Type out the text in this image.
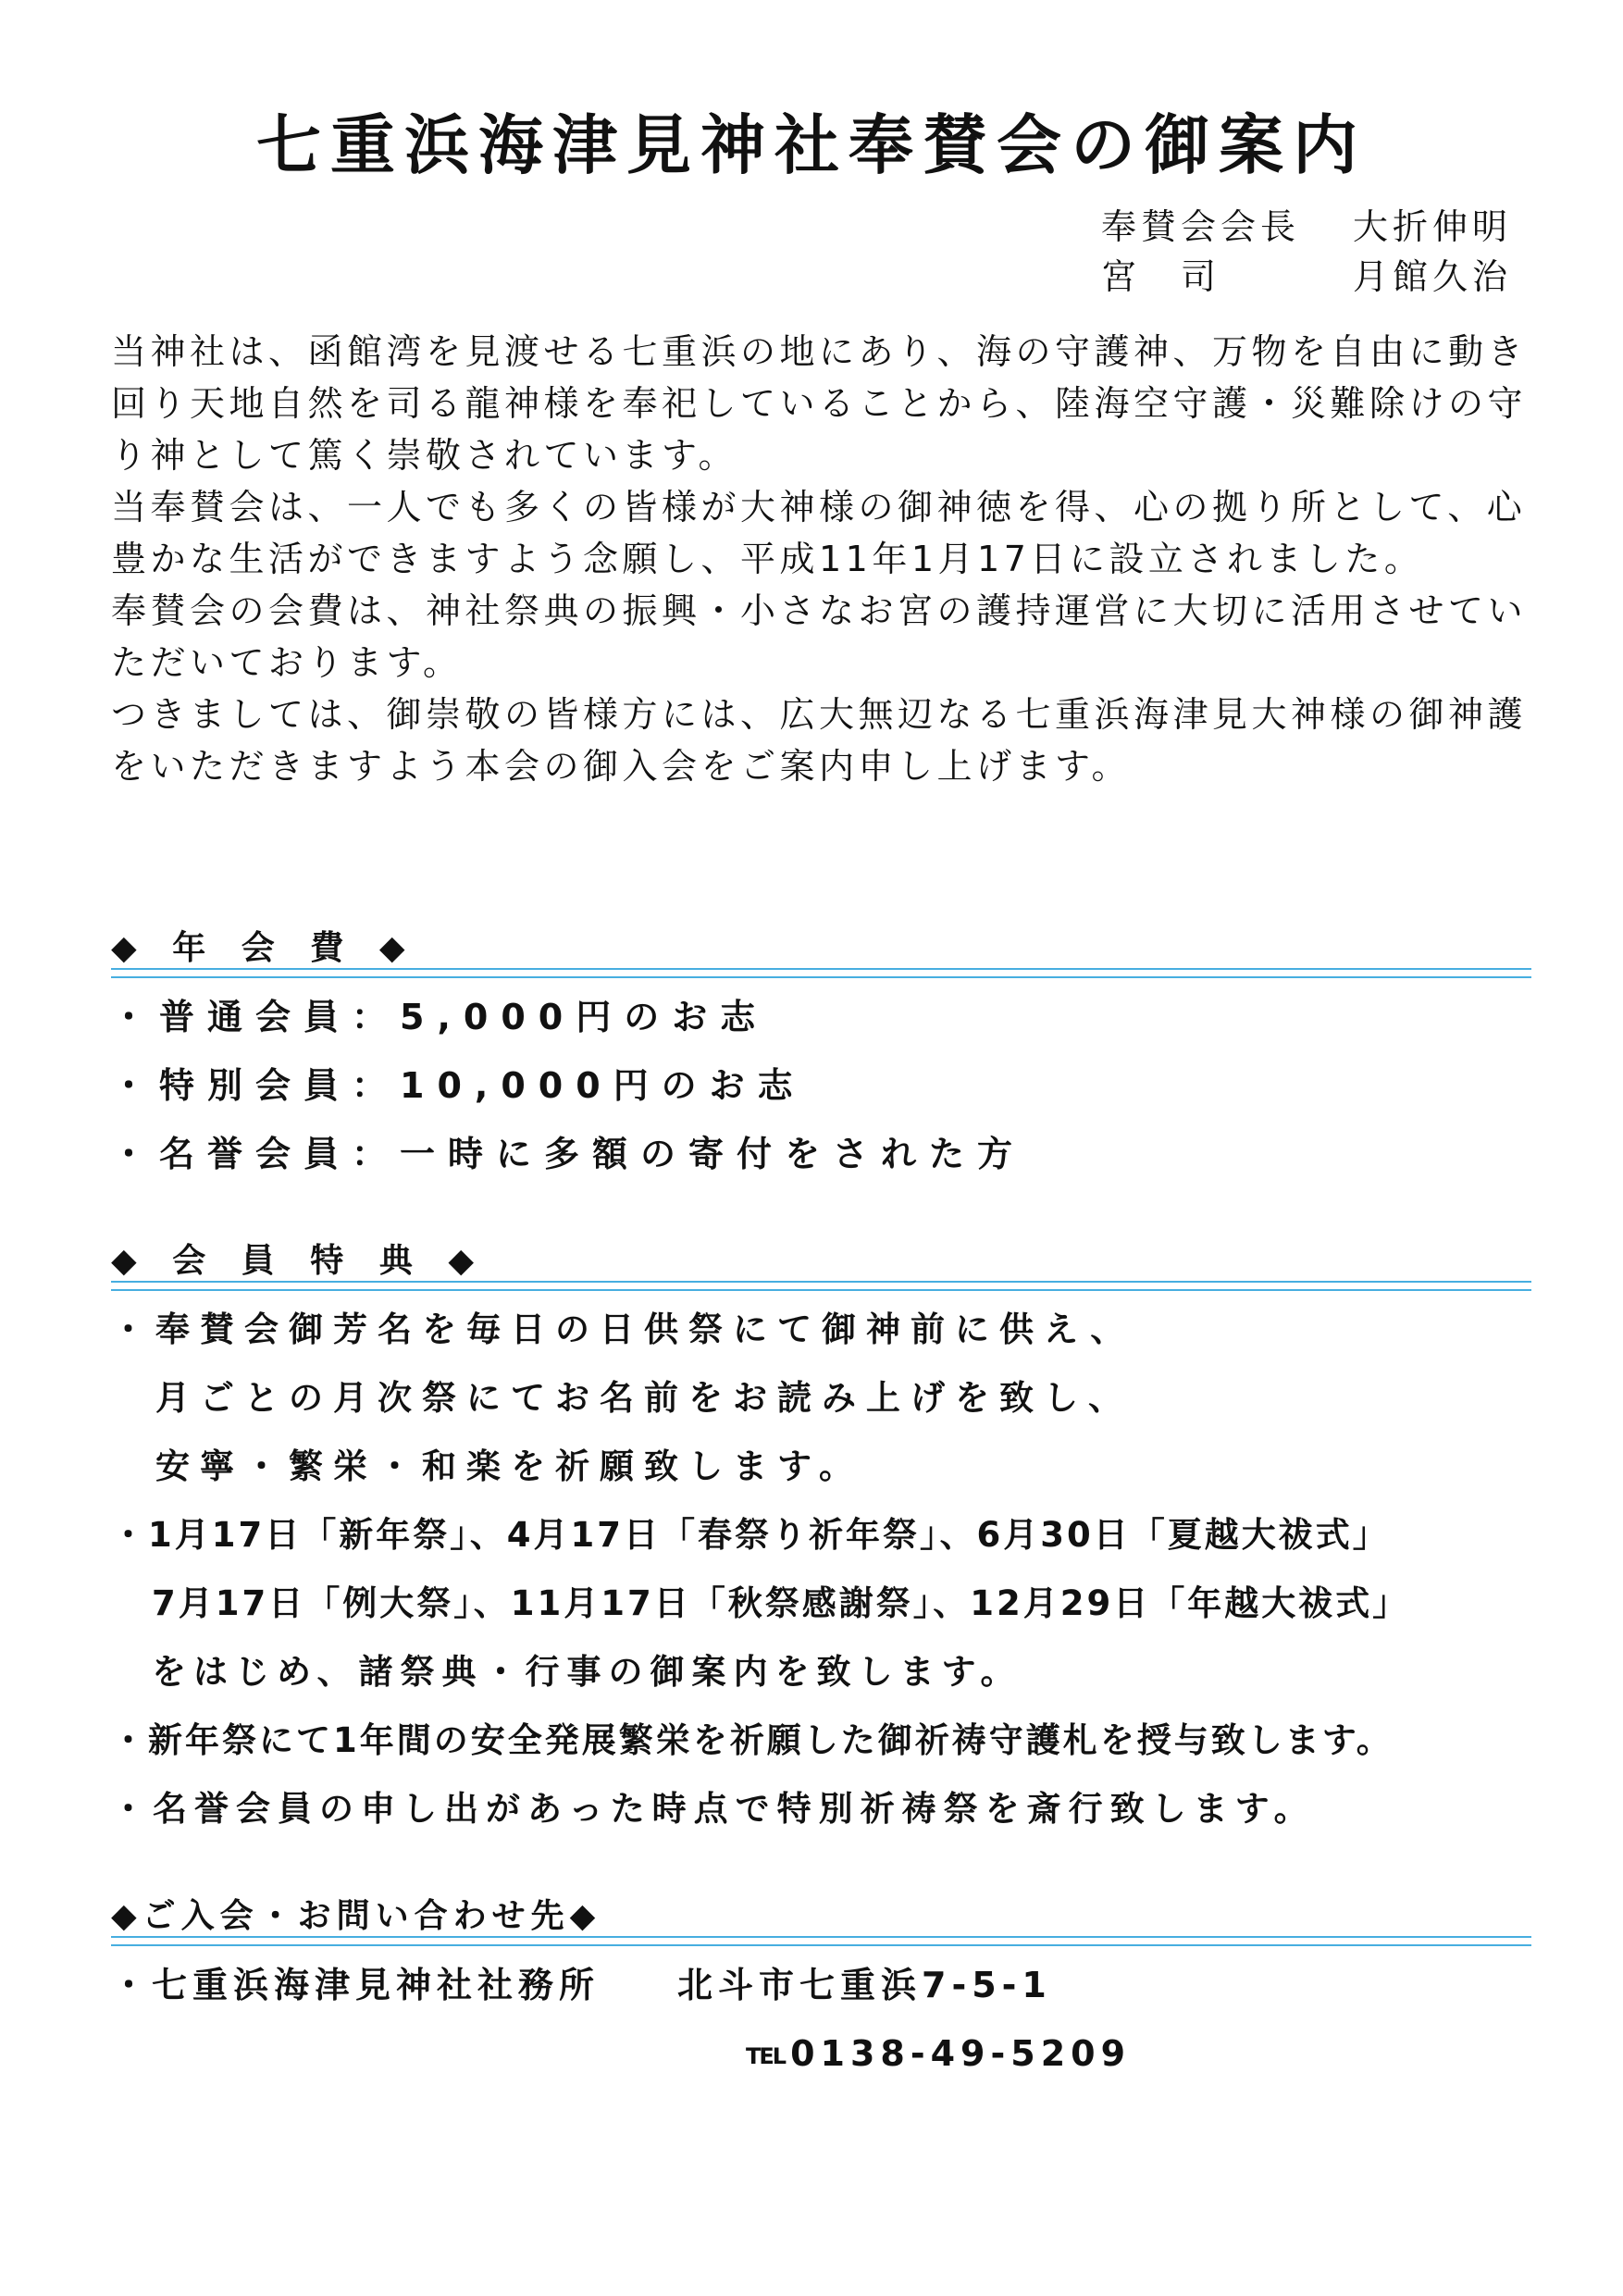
七重浜海津見神社奉賛会の御案内
奉賛会会長	大折伸明
宮　司	月館久治

当神社は、函館湾を見渡せる七重浜の地にあり、海の守護神、万物を自由に動き回り天地自然を司る龍神様を奉祀していることから、陸海空守護・災難除けの守り神として篤く崇敬されています。

当奉賛会は、一人でも多くの皆様が大神様の御神徳を得、心の拠り所として、心豊かな生活ができますよう念願し、平成11年1月17日に設立されました。

奉賛会の会費は、神社祭典の振興・小さなお宮の護持運営に大切に活用させていただいております。

つきましては、御崇敬の皆様方には、広大無辺なる七重浜海津見大神様の御神護をいただきますよう本会の御入会をご案内申し上げます。

◆ 年 会 費 ◆
・普通会員：5,000円のお志
・特別会員：10,000円のお志
・名誉会員：一時に多額の寄付をされた方
◆ 会 員 特 典 ◆
・奉賛会御芳名を毎日の日供祭にて御神前に供え、
月ごとの月次祭にてお名前をお読み上げを致し、
安寧・繁栄・和楽を祈願致します。
・1月17日「新年祭」、4月17日「春祭り祈年祭」、6月30日「夏越大祓式」
7月17日「例大祭」、11月17日「秋祭感謝祭」、12月29日「年越大祓式」
をはじめ、諸祭典・行事の御案内を致します。
・新年祭にて1年間の安全発展繁栄を祈願した御祈祷守護札を授与致します。
・名誉会員の申し出があった時点で特別祈祷祭を斎行致します。
◆ご入会・お問い合わせ先◆
・七重浜海津見神社社務所 北斗市七重浜7-5-1
TEL 0138-49-5209
